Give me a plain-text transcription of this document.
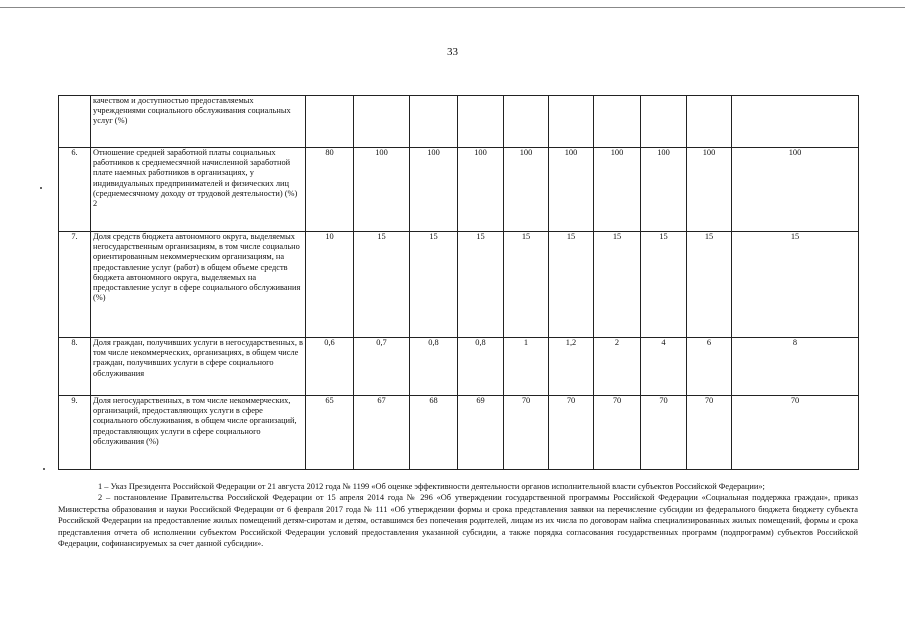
33
	качеством и доступностью предоставляемых учреждениями социального обслуживания социальных услуг (%)										
6.	Отношение средней заработной платы социальных работников к среднемесячной начисленной заработной плате наемных работников в организациях, у индивидуальных предпринимателей и физических лиц (среднемесячному доходу от трудовой деятельности) (%) 2	80	100	100	100	100	100	100	100	100	100
7.	Доля средств бюджета автономного округа, выделяемых негосударственным организациям, в том числе социально ориентированным некоммерческим организациям, на предоставление услуг (работ) в общем объеме средств бюджета автономного округа, выделяемых на предоставление услуг в сфере социального обслуживания (%)	10	15	15	15	15	15	15	15	15	15
8.	Доля граждан, получивших услуги в негосударственных, в том числе некоммерческих, организациях, в общем числе граждан, получивших услуги в сфере социального обслуживания	0,6	0,7	0,8	0,8	1	1,2	2	4	6	8
9.	Доля негосударственных, в том числе некоммерческих, организаций, предоставляющих услуги в сфере социального обслуживания, в общем числе организаций, предоставляющих услуги в сфере социального обслуживания (%)	65	67	68	69	70	70	70	70	70	70

1 – Указ Президента Российской Федерации от 21 августа 2012 года № 1199 «Об оценке эффективности деятельности органов исполнительной власти субъектов Российской Федерации»;

2 – постановление Правительства Российской Федерации от 15 апреля 2014 года № 296 «Об утверждении государственной программы Российской Федерации «Социальная поддержка граждан», приказ Министерства образования и науки Российской Федерации от 6 февраля 2017 года № 111 «Об утверждении формы и срока представления заявки на перечисление субсидии из федерального бюджета бюджету субъекта Российской Федерации на предоставление жилых помещений детям-сиротам и детям, оставшимся без попечения родителей, лицам из их числа по договорам найма специализированных жилых помещений, формы и срока представления отчета об исполнении субъектом Российской Федерации условий предоставления указанной субсидии, а также порядка согласования государственных программ (подпрограмм) субъектов Российской Федерации, софинансируемых за счет данной субсидии».
